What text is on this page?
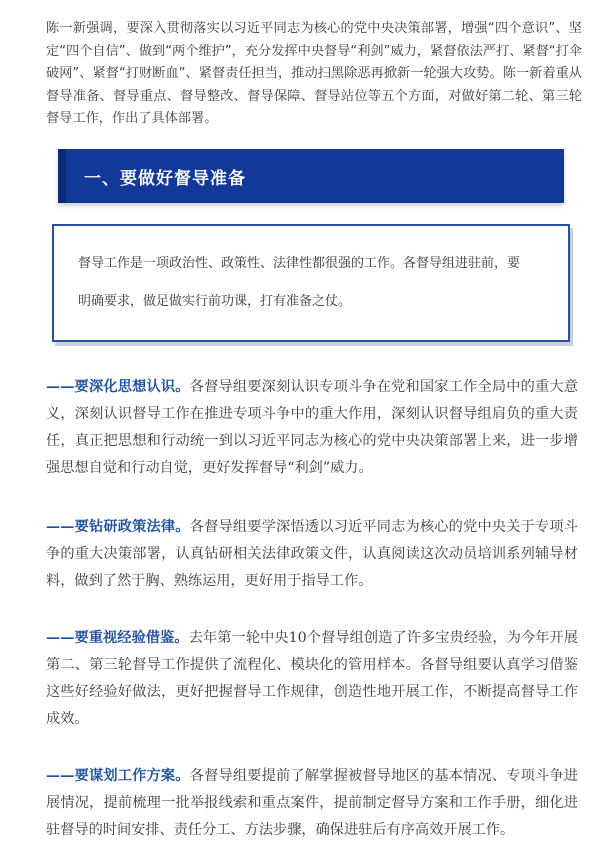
陈一新强调，要深入贯彻落实以习近平同志为核心的党中央决策部署，增强“四个意识”、坚定“四个自信”、做到“两个维护”，充分发挥中央督导“利剑”威力，紧督依法严打、紧督“打伞破网”、紧督“打财断血”、紧督责任担当，推动扫黑除恶再掀新一轮强大攻势。陈一新着重从督导准备、督导重点、督导整改、督导保障、督导站位等五个方面，对做好第二轮、第三轮督导工作，作出了具体部署。
一、要做好督导准备

督导工作是一项政治性、政策性、法律性都很强的工作。各督导组进驻前，要

明确要求，做足做实行前功课，打有准备之仗。

——要深化思想认识。各督导组要深刻认识专项斗争在党和国家工作全局中的重大意义，深刻认识督导工作在推进专项斗争中的重大作用，深刻认识督导组肩负的重大责任，真正把思想和行动统一到以习近平同志为核心的党中央决策部署上来，进一步增强思想自觉和行动自觉，更好发挥督导“利剑”威力。
——要钻研政策法律。各督导组要学深悟透以习近平同志为核心的党中央关于专项斗争的重大决策部署，认真钻研相关法律政策文件，认真阅读这次动员培训系列辅导材料，做到了然于胸、熟练运用，更好用于指导工作。
——要重视经验借鉴。去年第一轮中央10个督导组创造了许多宝贵经验，为今年开展第二、第三轮督导工作提供了流程化、模块化的管用样本。各督导组要认真学习借鉴这些好经验好做法，更好把握督导工作规律，创造性地开展工作，不断提高督导工作成效。
——要谋划工作方案。各督导组要提前了解掌握被督导地区的基本情况、专项斗争进展情况，提前梳理一批举报线索和重点案件，提前制定督导方案和工作手册，细化进驻督导的时间安排、责任分工、方法步骤，确保进驻后有序高效开展工作。
